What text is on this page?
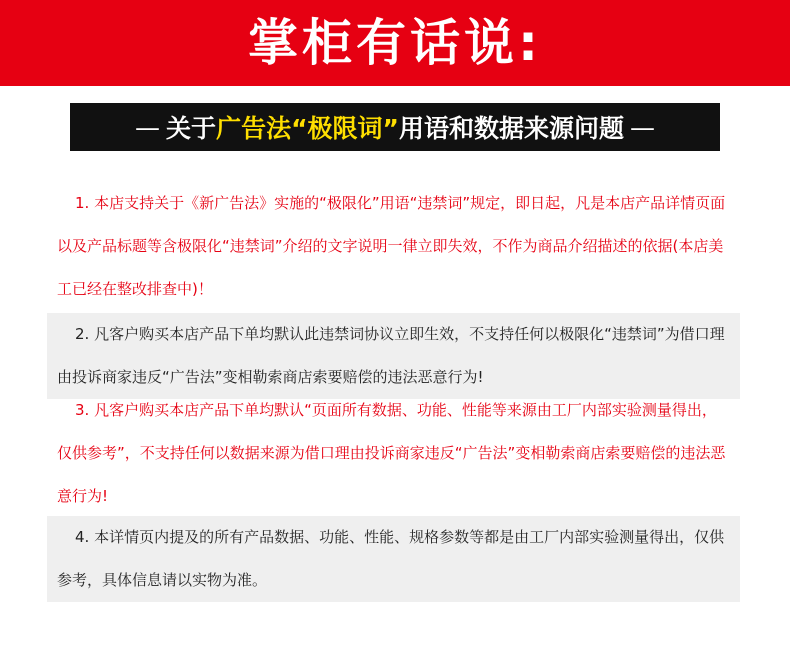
掌柜有话说:
— 关于 广告法“极限词” 用语和数据来源问题 —

1. 本店支持关于《新广告法》实施的“极限化”用语“违禁词”规定，即日起，凡是本店产品详情页面以及产品标题等含极限化“违禁词”介绍的文字说明一律立即失效，不作为商品介绍描述的依据(本店美工已经在整改排查中)！

2. 凡客户购买本店产品下单均默认此违禁词协议立即生效，不支持任何以极限化“违禁词”为借口理由投诉商家违反“广告法”变相勒索商店索要赔偿的违法恶意行为!

3. 凡客户购买本店产品下单均默认“页面所有数据、功能、性能等来源由工厂内部实验测量得出，仅供参考”，不支持任何以数据来源为借口理由投诉商家违反“广告法”变相勒索商店索要赔偿的违法恶意行为!

4. 本详情页内提及的所有产品数据、功能、性能、规格参数等都是由工厂内部实验测量得出，仅供参考，具体信息请以实物为准。
